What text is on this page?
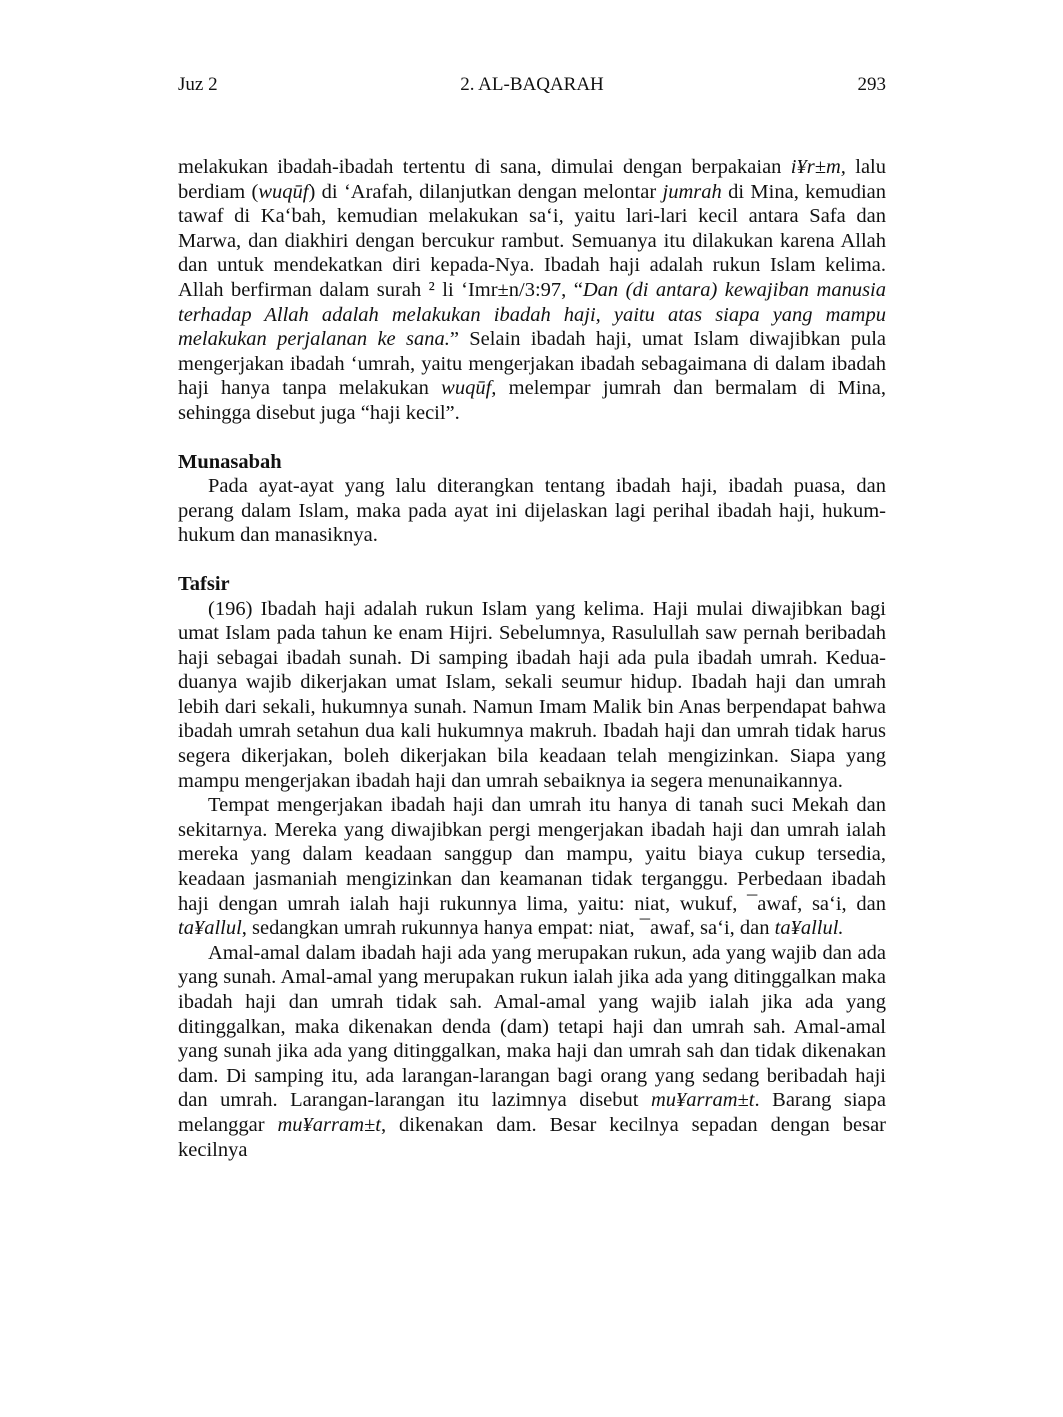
2. AL-BAQARAH
Juz 2	293

melakukan ibadah-ibadah tertentu di sana, dimulai dengan berpakaian i¥r±m, lalu berdiam (wuqūf) di ‘Arafah, dilanjutkan dengan melontar jumrah di Mina, kemudian tawaf di Ka‘bah, kemudian melakukan sa‘i, yaitu lari-lari kecil antara Safa dan Marwa, dan diakhiri dengan bercukur rambut. Semuanya itu dilakukan karena Allah dan untuk mendekatkan diri kepada-Nya. Ibadah haji adalah rukun Islam kelima. Allah berfirman dalam surah ² li ‘Imr±n/3:97, “Dan (di antara) kewajiban manusia terhadap Allah adalah melakukan ibadah haji, yaitu atas siapa yang mampu melakukan perjalanan ke sana.” Selain ibadah haji, umat Islam diwajibkan pula mengerjakan ibadah ‘umrah, yaitu mengerjakan ibadah sebagaimana di dalam ibadah haji hanya tanpa melakukan wuqūf, melempar jumrah dan bermalam di Mina, sehingga disebut juga “haji kecil”.

Munasabah

Pada ayat-ayat yang lalu diterangkan tentang ibadah haji, ibadah puasa, dan perang dalam Islam, maka pada ayat ini dijelaskan lagi perihal ibadah haji, hukum-hukum dan manasiknya.

Tafsir

(196) Ibadah haji adalah rukun Islam yang kelima. Haji mulai diwajibkan bagi umat Islam pada tahun ke enam Hijri. Sebelumnya, Rasulullah saw pernah beribadah haji sebagai ibadah sunah. Di samping ibadah haji ada pula ibadah umrah. Kedua-duanya wajib dikerjakan umat Islam, sekali seumur hidup. Ibadah haji dan umrah lebih dari sekali, hukumnya sunah. Namun Imam Malik bin Anas berpendapat bahwa ibadah umrah setahun dua kali hukumnya makruh. Ibadah haji dan umrah tidak harus segera dikerjakan, boleh dikerjakan bila keadaan telah mengizinkan. Siapa yang mampu mengerjakan ibadah haji dan umrah sebaiknya ia segera menunaikannya.

Tempat mengerjakan ibadah haji dan umrah itu hanya di tanah suci Mekah dan sekitarnya. Mereka yang diwajibkan pergi mengerjakan ibadah haji dan umrah ialah mereka yang dalam keadaan sanggup dan mampu, yaitu biaya cukup tersedia, keadaan jasmaniah mengizinkan dan keamanan tidak terganggu. Perbedaan ibadah haji dengan umrah ialah haji rukunnya lima, yaitu: niat, wukuf, ¯awaf, sa‘i, dan ta¥allul, sedangkan umrah rukunnya hanya empat: niat, ¯awaf, sa‘i, dan ta¥allul.

Amal-amal dalam ibadah haji ada yang merupakan rukun, ada yang wajib dan ada yang sunah. Amal-amal yang merupakan rukun ialah jika ada yang ditinggalkan maka ibadah haji dan umrah tidak sah. Amal-amal yang wajib ialah jika ada yang ditinggalkan, maka dikenakan denda (dam) tetapi haji dan umrah sah. Amal-amal yang sunah jika ada yang ditinggalkan, maka haji dan umrah sah dan tidak dikenakan dam. Di samping itu, ada larangan-larangan bagi orang yang sedang beribadah haji dan umrah. Larangan-larangan itu lazimnya disebut mu¥arram±t. Barang siapa melanggar mu¥arram±t, dikenakan dam. Besar kecilnya sepadan dengan besar kecilnya
